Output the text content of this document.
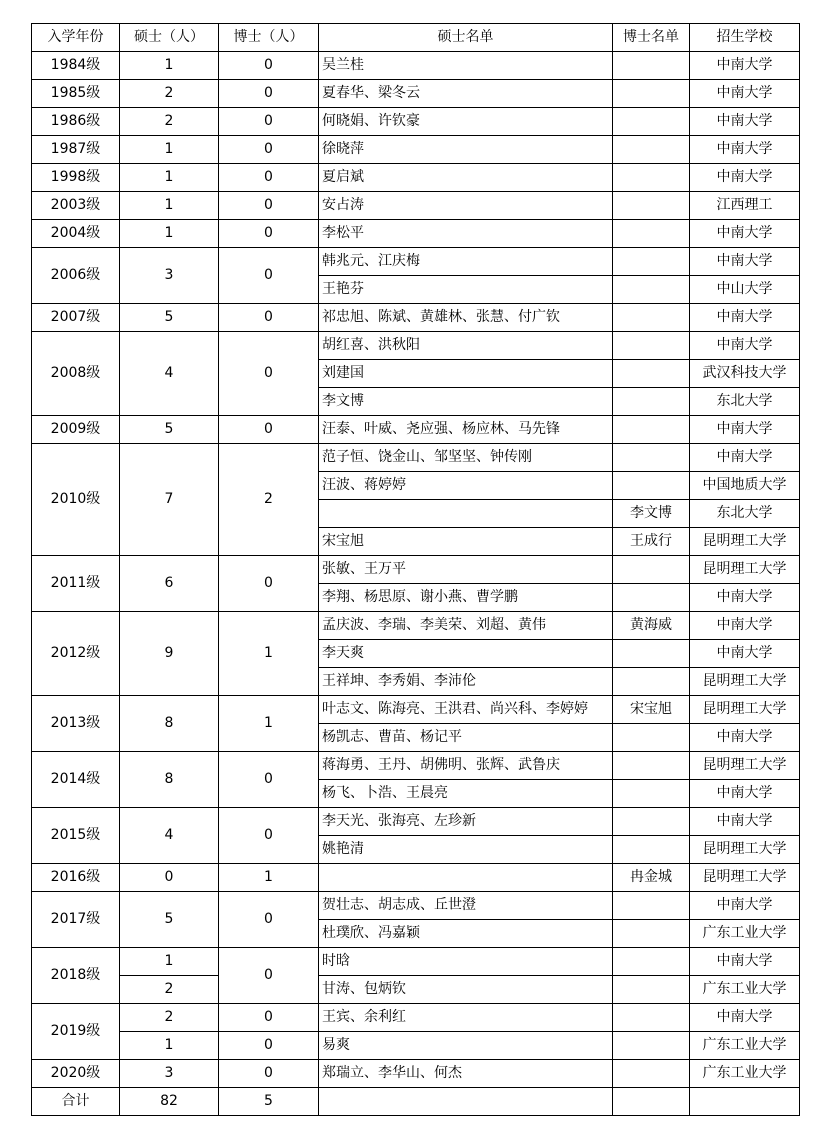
入学年份	硕士（人）	博士（人）	硕士名单	博士名单	招生学校
1984级	1	0	吴兰桂		中南大学
1985级	2	0	夏春华、梁冬云		中南大学
1986级	2	0	何晓娟、许钦豪		中南大学
1987级	1	0	徐晓萍		中南大学
1998级	1	0	夏启斌		中南大学
2003级	1	0	安占涛		江西理工
2004级	1	0	李松平		中南大学
2006级	3	0	韩兆元、江庆梅		中南大学
			王艳芬		中山大学
2007级	5	0	祁忠旭、陈斌、黄雄林、张慧、付广钦		中南大学
2008级	4	0	胡红喜、洪秋阳		中南大学
			刘建国		武汉科技大学
			李文博		东北大学
2009级	5	0	汪泰、叶威、尧应强、杨应林、马先锋		中南大学
2010级	7	2	范子恒、饶金山、邹坚坚、钟传刚		中南大学
			汪波、蒋婷婷		中国地质大学
				李文博	东北大学
			宋宝旭	王成行	昆明理工大学
2011级	6	0	张敏、王万平		昆明理工大学
			李翔、杨思原、谢小燕、曹学鹏		中南大学
2012级	9	1	孟庆波、李瑞、李美荣、刘超、黄伟	黄海威	中南大学
			李天爽		中南大学
			王祥坤、李秀娟、李沛伦		昆明理工大学
2013级	8	1	叶志文、陈海亮、王洪君、尚兴科、李婷婷	宋宝旭	昆明理工大学
			杨凯志、曹苗、杨记平		中南大学
2014级	8	0	蒋海勇、王丹、胡佛明、张辉、武鲁庆		昆明理工大学
			杨飞、卜浩、王晨亮		中南大学
2015级	4	0	李天光、张海亮、左珍新		中南大学
			姚艳清		昆明理工大学
2016级	0	1		冉金城	昆明理工大学
2017级	5	0	贺壮志、胡志成、丘世澄		中南大学
			杜璞欣、冯嘉颖		广东工业大学
2018级	1	0	时晗		中南大学
	2		甘涛、包炳钦		广东工业大学
2019级	2	0	王宾、余利红		中南大学
	1	0	易爽		广东工业大学
2020级	3	0	郑瑞立、李华山、何杰		广东工业大学
合计	82	5			
